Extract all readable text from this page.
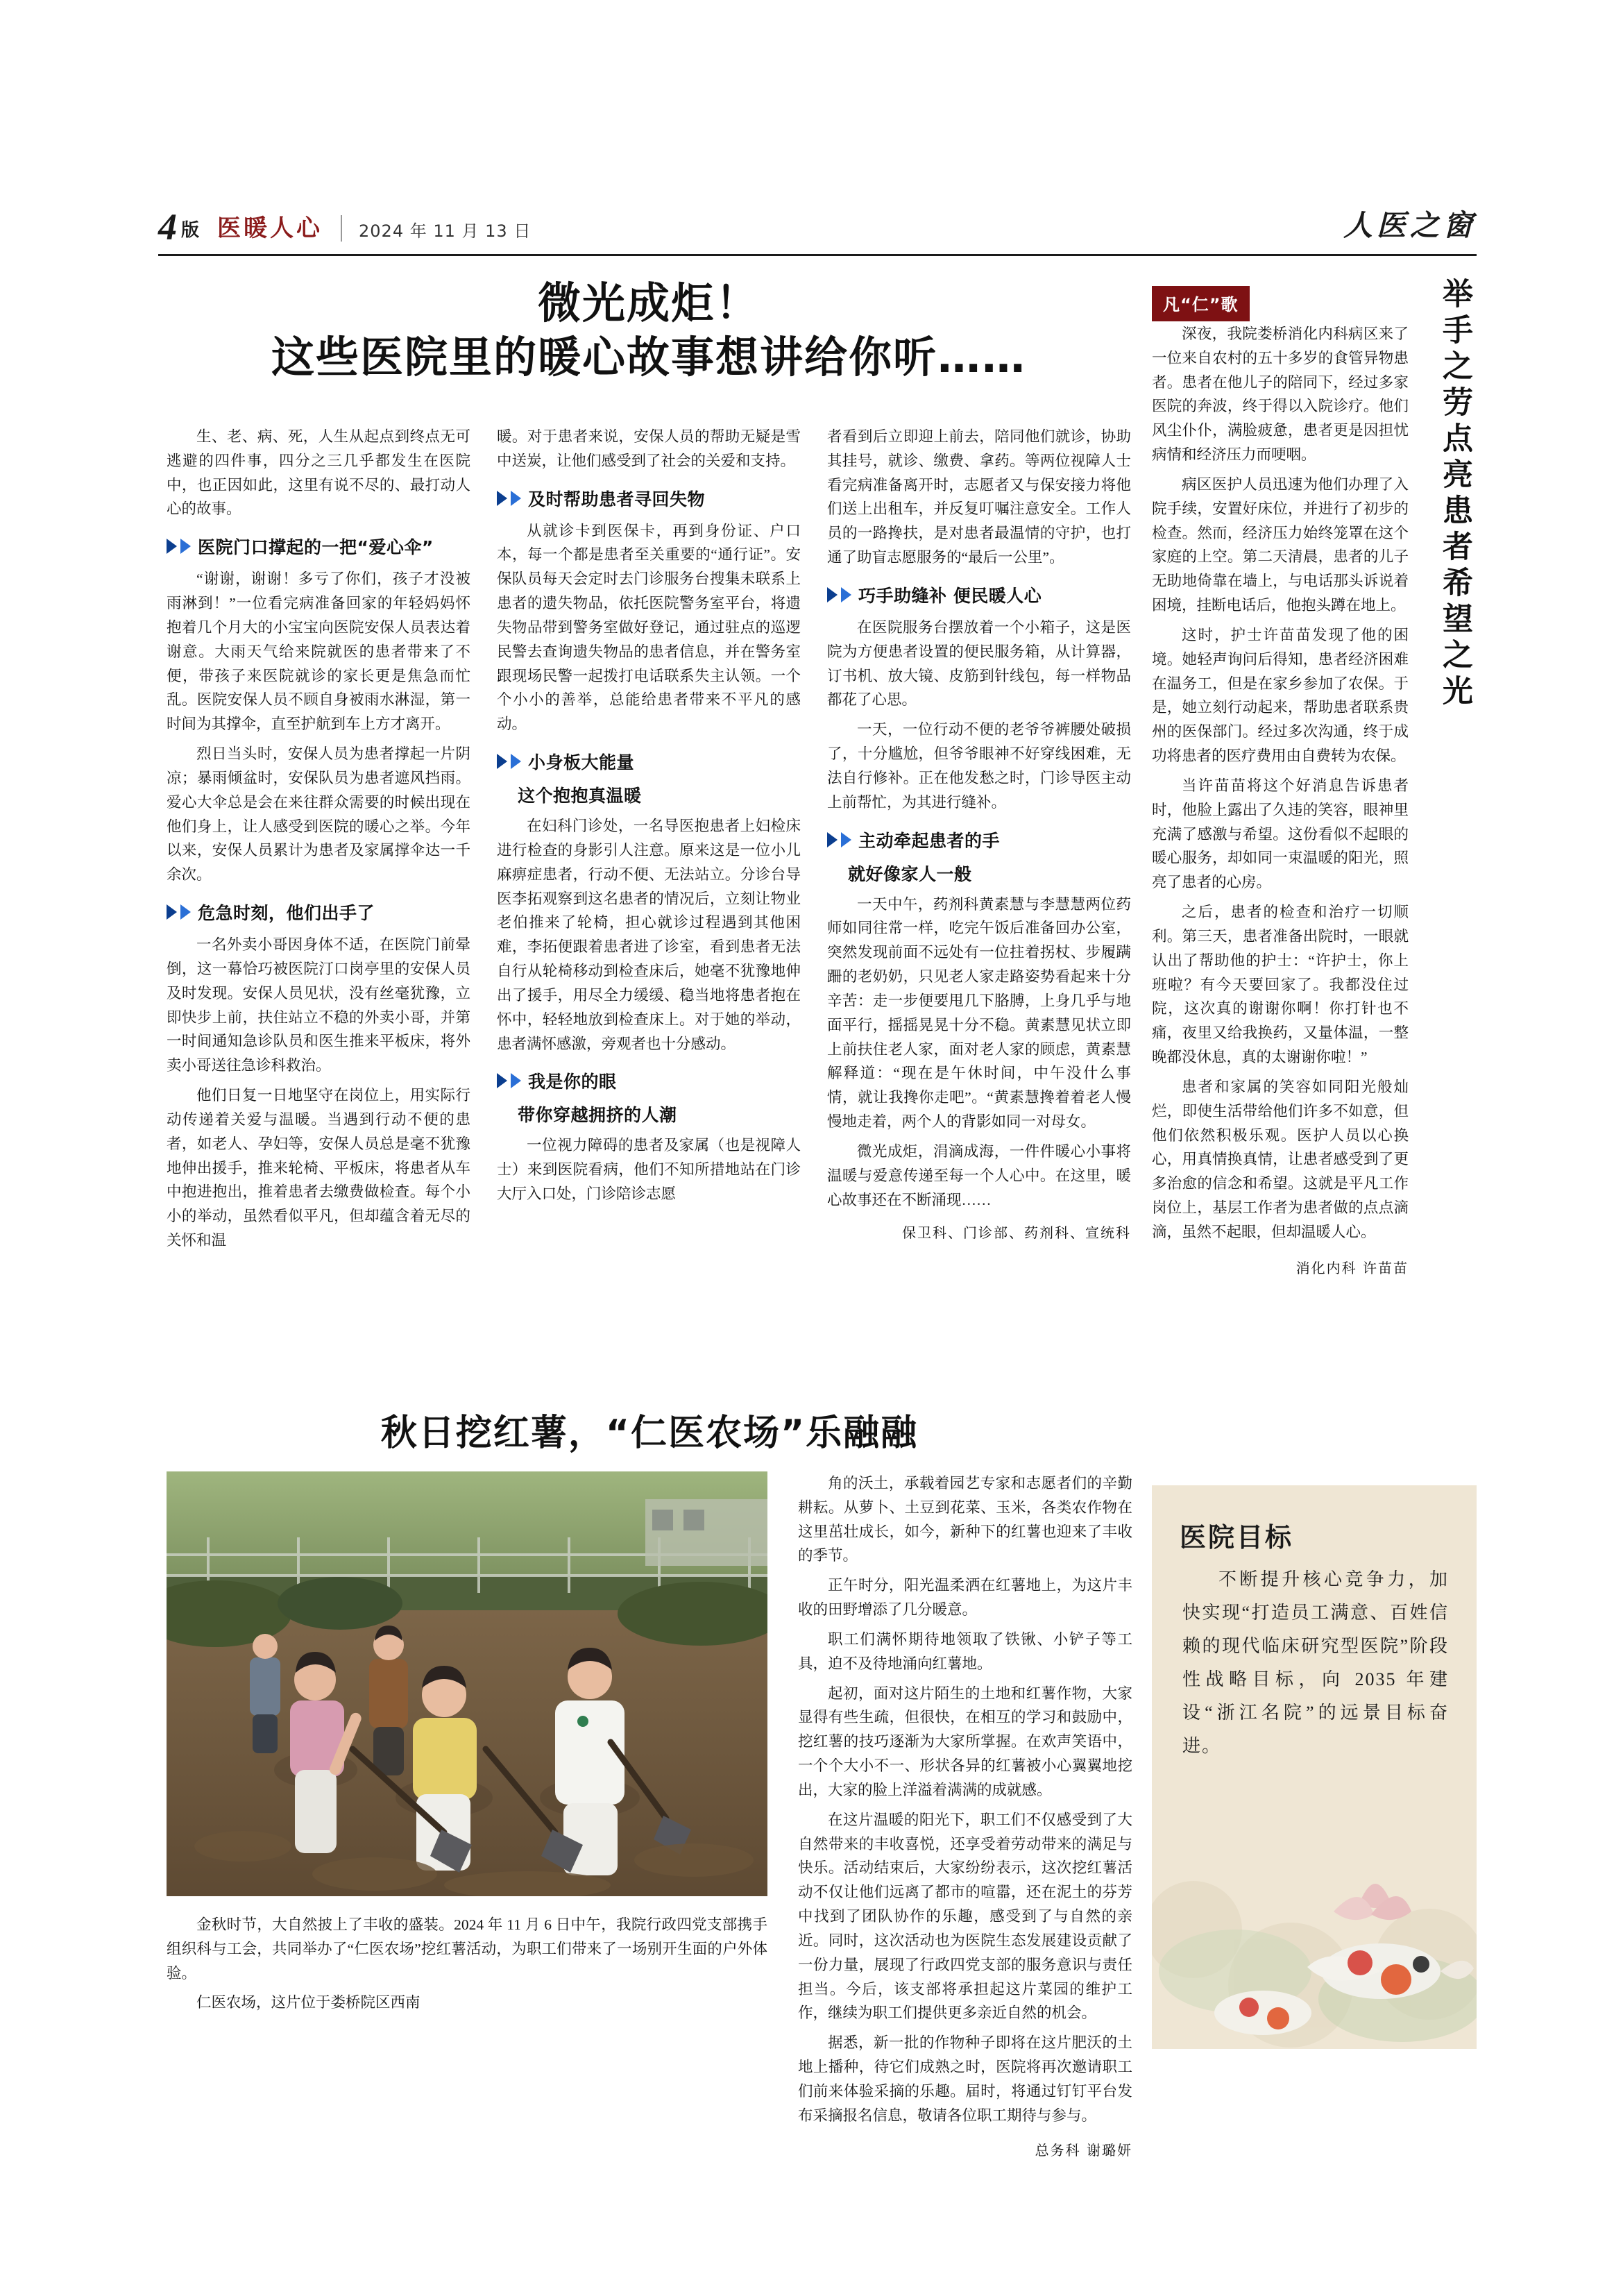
4 版 医暖人心 2024 年 11 月 13 日	人医之窗
微光成炬！
这些医院里的暖心故事想讲给你听……

生、老、病、死，人生从起点到终点无可逃避的四件事，四分之三几乎都发生在医院中，也正因如此，这里有说不尽的、最打动人心的故事。

医院门口撑起的一把“爱心伞”

“谢谢，谢谢！多亏了你们，孩子才没被雨淋到！”一位看完病准备回家的年轻妈妈怀抱着几个月大的小宝宝向医院安保人员表达着谢意。大雨天气给来院就医的患者带来了不便，带孩子来医院就诊的家长更是焦急而忙乱。医院安保人员不顾自身被雨水淋湿，第一时间为其撑伞，直至护航到车上方才离开。

烈日当头时，安保人员为患者撑起一片阴凉；暴雨倾盆时，安保队员为患者遮风挡雨。爱心大伞总是会在来往群众需要的时候出现在他们身上，让人感受到医院的暖心之举。今年以来，安保人员累计为患者及家属撑伞达一千余次。

危急时刻，他们出手了

一名外卖小哥因身体不适，在医院门前晕倒，这一幕恰巧被医院汀口岗亭里的安保人员及时发现。安保人员见状，没有丝毫犹豫，立即快步上前，扶住站立不稳的外卖小哥，并第一时间通知急诊队员和医生推来平板床，将外卖小哥送往急诊科救治。

他们日复一日地坚守在岗位上，用实际行动传递着关爱与温暖。当遇到行动不便的患者，如老人、孕妇等，安保人员总是毫不犹豫地伸出援手，推来轮椅、平板床，将患者从车中抱进抱出，推着患者去缴费做检查。每个小小的举动，虽然看似平凡，但却蕴含着无尽的关怀和温

暖。对于患者来说，安保人员的帮助无疑是雪中送炭，让他们感受到了社会的关爱和支持。

及时帮助患者寻回失物

从就诊卡到医保卡，再到身份证、户口本，每一个都是患者至关重要的“通行证”。安保队员每天会定时去门诊服务台搜集未联系上患者的遗失物品，依托医院警务室平台，将遗失物品带到警务室做好登记，通过驻点的巡逻民警去查询遗失物品的患者信息，并在警务室跟现场民警一起拨打电话联系失主认领。一个个小小的善举，总能给患者带来不平凡的感动。

小身板大能量
这个抱抱真温暖

在妇科门诊处，一名导医抱患者上妇检床进行检查的身影引人注意。原来这是一位小儿麻痹症患者，行动不便、无法站立。分诊台导医李拓观察到这名患者的情况后，立刻让物业老伯推来了轮椅，担心就诊过程遇到其他困难，李拓便跟着患者进了诊室，看到患者无法自行从轮椅移动到检查床后，她毫不犹豫地伸出了援手，用尽全力缓缓、稳当地将患者抱在怀中，轻轻地放到检查床上。对于她的举动，患者满怀感激，旁观者也十分感动。

我是你的眼
带你穿越拥挤的人潮

一位视力障碍的患者及家属（也是视障人士）来到医院看病，他们不知所措地站在门诊大厅入口处，门诊陪诊志愿

者看到后立即迎上前去，陪同他们就诊，协助其挂号，就诊、缴费、拿药。等两位视障人士看完病准备离开时，志愿者又与保安接力将他们送上出租车，并反复叮嘱注意安全。工作人员的一路搀扶，是对患者最温情的守护，也打通了助盲志愿服务的“最后一公里”。

巧手助缝补 便民暖人心

在医院服务台摆放着一个小箱子，这是医院为方便患者设置的便民服务箱，从计算器，订书机、放大镜、皮筋到针线包，每一样物品都花了心思。

一天，一位行动不便的老爷爷裤腰处破损了，十分尴尬，但爷爷眼神不好穿线困难，无法自行修补。正在他发愁之时，门诊导医主动上前帮忙，为其进行缝补。

主动牵起患者的手
就好像家人一般

一天中午，药剂科黄素慧与李慧慧两位药师如同往常一样，吃完午饭后准备回办公室，突然发现前面不远处有一位拄着拐杖、步履蹒跚的老奶奶，只见老人家走路姿势看起来十分辛苦：走一步便要甩几下胳膊，上身几乎与地面平行，摇摇晃晃十分不稳。黄素慧见状立即上前扶住老人家，面对老人家的顾虑，黄素慧解释道：“现在是午休时间，中午没什么事情，就让我搀你走吧”。“黄素慧搀着着老人慢慢地走着，两个人的背影如同一对母女。

微光成炬，涓滴成海，一件件暖心小事将温暖与爱意传递至每一个人心中。在这里，暖心故事还在不断涌现……

保卫科、门诊部、药剂科、宣统科
举手之劳点亮患者希望之光
凡“仁”歌

深夜，我院娄桥消化内科病区来了一位来自农村的五十多岁的食管异物患者。患者在他儿子的陪同下，经过多家医院的奔波，终于得以入院诊疗。他们风尘仆仆，满脸疲惫，患者更是因担忧病情和经济压力而哽咽。

病区医护人员迅速为他们办理了入院手续，安置好床位，并进行了初步的检查。然而，经济压力始终笼罩在这个家庭的上空。第二天清晨，患者的儿子无助地倚靠在墙上，与电话那头诉说着困境，挂断电话后，他抱头蹲在地上。

这时，护士许苗苗发现了他的困境。她轻声询问后得知，患者经济困难在温务工，但是在家乡参加了农保。于是，她立刻行动起来，帮助患者联系贵州的医保部门。经过多次沟通，终于成功将患者的医疗费用由自费转为农保。

当许苗苗将这个好消息告诉患者时，他脸上露出了久违的笑容，眼神里充满了感激与希望。这份看似不起眼的暖心服务，却如同一束温暖的阳光，照亮了患者的心房。

之后，患者的检查和治疗一切顺利。第三天，患者准备出院时，一眼就认出了帮助他的护士：“许护士，你上班啦？有今天要回家了。我都没住过院，这次真的谢谢你啊！你打针也不痛，夜里又给我换药，又量体温，一整晚都没休息，真的太谢谢你啦！”

患者和家属的笑容如同阳光般灿烂，即使生活带给他们许多不如意，但他们依然积极乐观。医护人员以心换心，用真情换真情，让患者感受到了更多治愈的信念和希望。这就是平凡工作岗位上，基层工作者为患者做的点点滴滴，虽然不起眼，但却温暖人心。

消化内科 许苗苗
秋日挖红薯，“仁医农场”乐融融

金秋时节，大自然披上了丰收的盛装。2024 年 11 月 6 日中午，我院行政四党支部携手组织科与工会，共同举办了“仁医农场”挖红薯活动，为职工们带来了一场别开生面的户外体验。

仁医农场，这片位于娄桥院区西南

角的沃土，承载着园艺专家和志愿者们的辛勤耕耘。从萝卜、土豆到花菜、玉米，各类农作物在这里茁壮成长，如今，新种下的红薯也迎来了丰收的季节。

正午时分，阳光温柔洒在红薯地上，为这片丰收的田野增添了几分暖意。

职工们满怀期待地领取了铁锹、小铲子等工具，迫不及待地涌向红薯地。

起初，面对这片陌生的土地和红薯作物，大家显得有些生疏，但很快，在相互的学习和鼓励中，挖红薯的技巧逐渐为大家所掌握。在欢声笑语中，一个个大小不一、形状各异的红薯被小心翼翼地挖出，大家的脸上洋溢着满满的成就感。

在这片温暖的阳光下，职工们不仅感受到了大自然带来的丰收喜悦，还享受着劳动带来的满足与快乐。活动结束后，大家纷纷表示，这次挖红薯活动不仅让他们远离了都市的喧嚣，还在泥土的芬芳中找到了团队协作的乐趣，感受到了与自然的亲近。同时，这次活动也为医院生态发展建设贡献了一份力量，展现了行政四党支部的服务意识与责任担当。今后，该支部将承担起这片菜园的维护工作，继续为职工们提供更多亲近自然的机会。

据悉，新一批的作物种子即将在这片肥沃的土地上播种，待它们成熟之时，医院将再次邀请职工们前来体验采摘的乐趣。届时，将通过钉钉平台发布采摘报名信息，敬请各位职工期待与参与。

总务科 谢璐妍
医院目标
不断提升核心竞争力，加快实现“打造员工满意、百姓信赖的现代临床研究型医院”阶段性战略目标，向 2035 年建设“浙江名院”的远景目标奋进。
